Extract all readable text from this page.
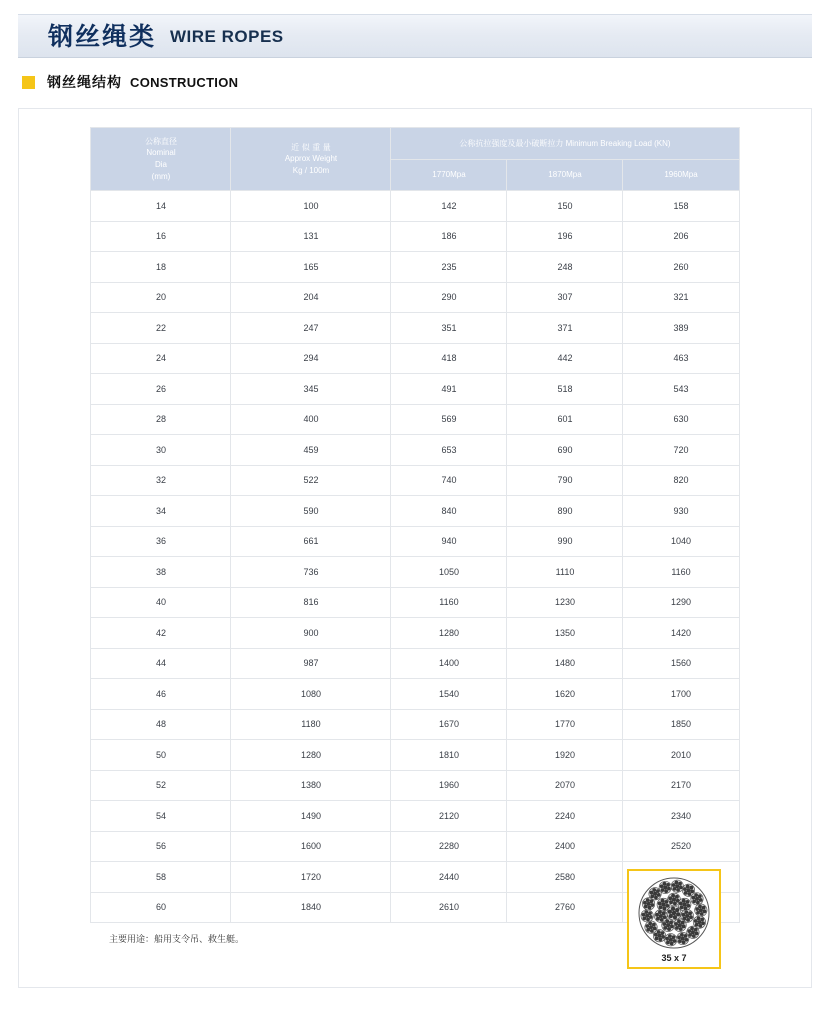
钢丝绳类 WIRE ROPES
钢丝绳结构 CONSTRUCTION
公称直径
Nominal
Dia
(mm)	近 似 重 量
Approx Weight
Kg / 100m	公称抗拉强度及最小破断拉力 Minimum Breaking Load (KN)		
		1770Mpa	1870Mpa	1960Mpa
14	100	142	150	158
16	131	186	196	206
18	165	235	248	260
20	204	290	307	321
22	247	351	371	389
24	294	418	442	463
26	345	491	518	543
28	400	569	601	630
30	459	653	690	720
32	522	740	790	820
34	590	840	890	930
36	661	940	990	1040
38	736	1050	1110	1160
40	816	1160	1230	1290
42	900	1280	1350	1420
44	987	1400	1480	1560
46	1080	1540	1620	1700
48	1180	1670	1770	1850
50	1280	1810	1920	2010
52	1380	1960	2070	2170
54	1490	2120	2240	2340
56	1600	2280	2400	2520
58	1720	2440	2580	
60	1840	2610	2760	
主要用途：船用支令吊、救生艇。
35 x 7
